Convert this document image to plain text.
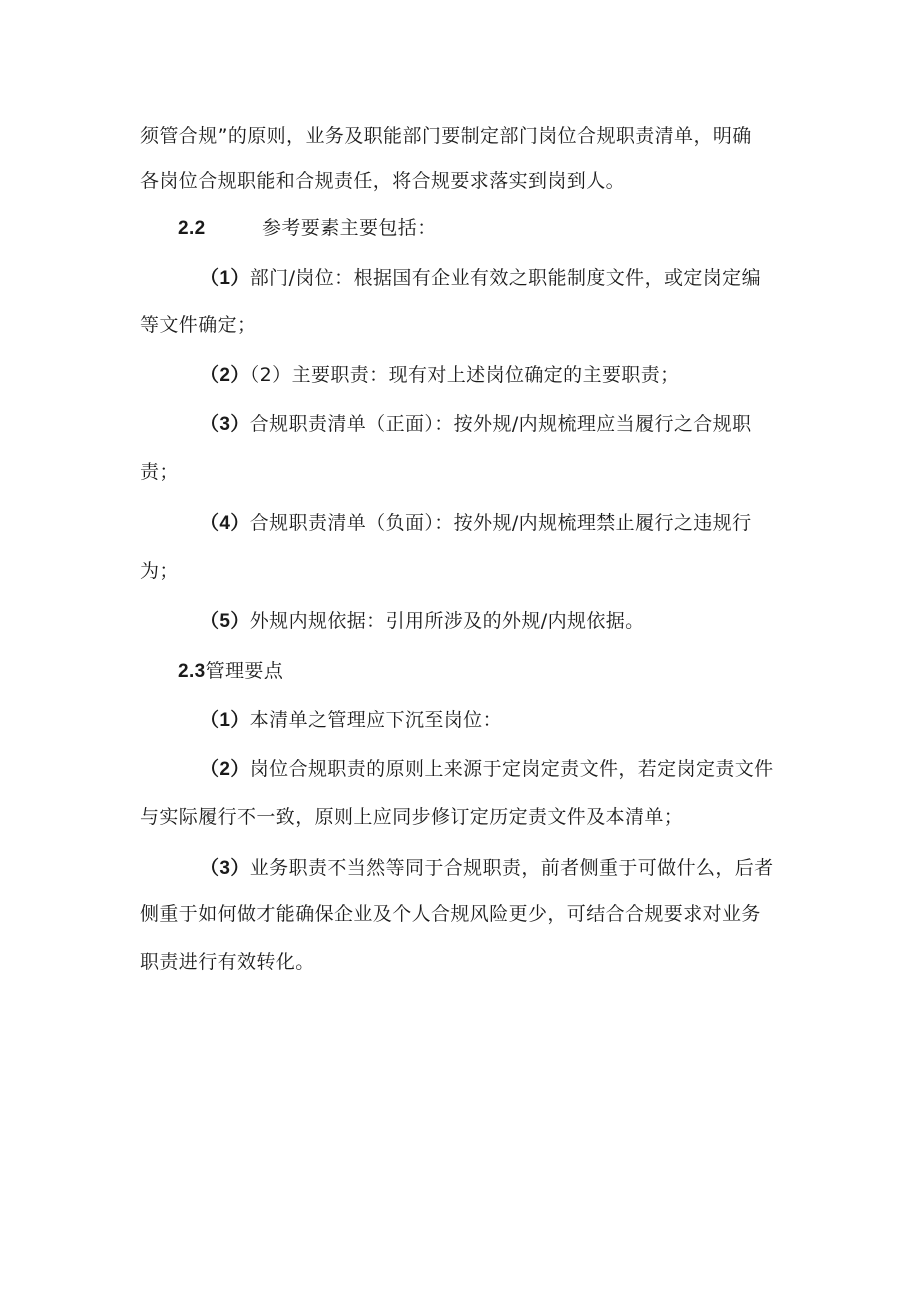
须管合规”的原则，业务及职能部门要制定部门岗位合规职责清单，明确
各岗位合规职能和合规责任，将合规要求落实到岗到人。
2.2	参考要素主要包括：
（1）部门/岗位：根据国有企业有效之职能制度文件，或定岗定编
等文件确定；
（2）（2）主要职责：现有对上述岗位确定的主要职责；
（3）合规职责清单（正面）：按外规/内规梳理应当履行之合规职
责；
（4）合规职责清单（负面）：按外规/内规梳理禁止履行之违规行
为；
（5）外规内规依据：引用所涉及的外规/内规依据。
2.3管理要点
（1）本清单之管理应下沉至岗位：
（2）岗位合规职责的原则上来源于定岗定责文件，若定岗定责文件
与实际履行不一致，原则上应同步修订定历定责文件及本清单；
（3）业务职责不当然等同于合规职责，前者侧重于可做什么，后者
侧重于如何做才能确保企业及个人合规风险更少，可结合合规要求对业务
职责进行有效转化。
